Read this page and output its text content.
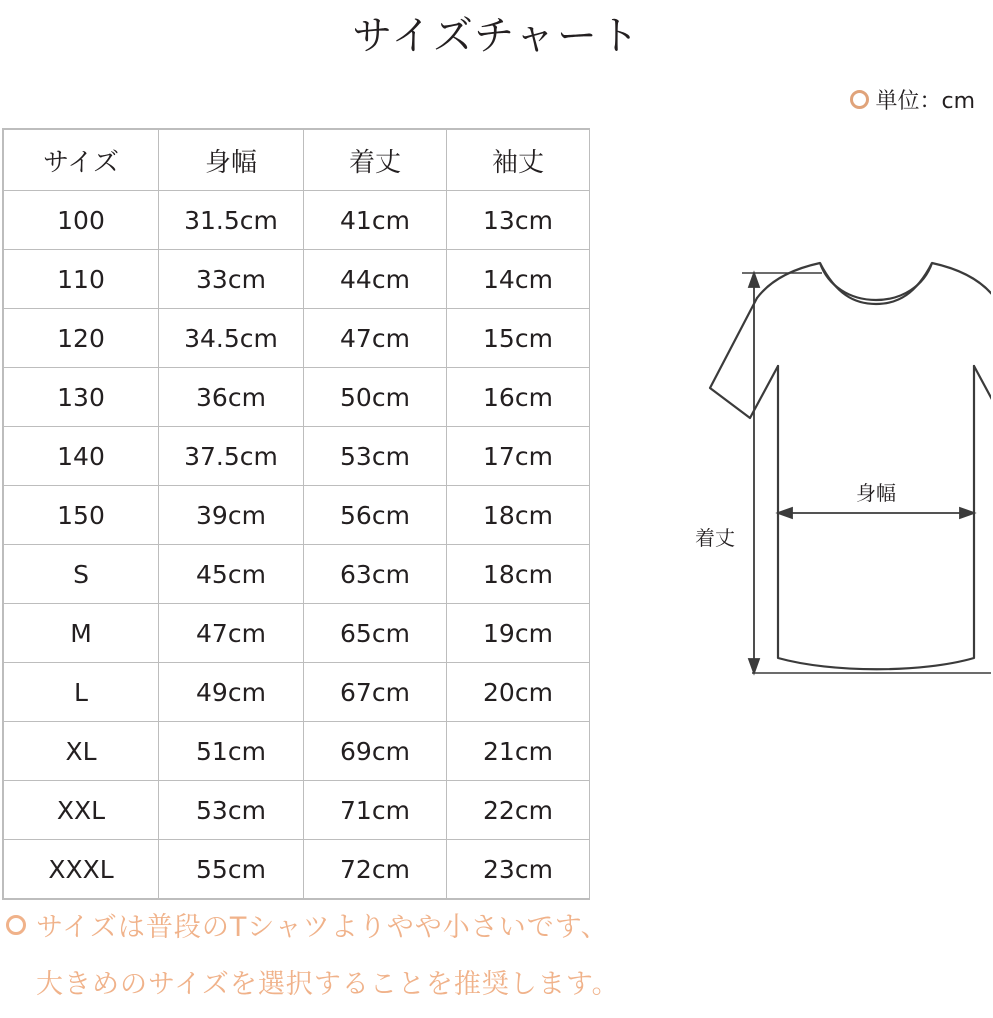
サイズチャート
単位：cm
サイズ	身幅	着丈	袖丈
100	31.5cm	41cm	13cm
110	33cm	44cm	14cm
120	34.5cm	47cm	15cm
130	36cm	50cm	16cm
140	37.5cm	53cm	17cm
150	39cm	56cm	18cm
S	45cm	63cm	18cm
M	47cm	65cm	19cm
L	49cm	67cm	20cm
XL	51cm	69cm	21cm
XXL	53cm	71cm	22cm
XXXL	55cm	72cm	23cm
身幅
着丈
サイズは普段のTシャツよりやや小さいです、
大きめのサイズを選択することを推奨します。
